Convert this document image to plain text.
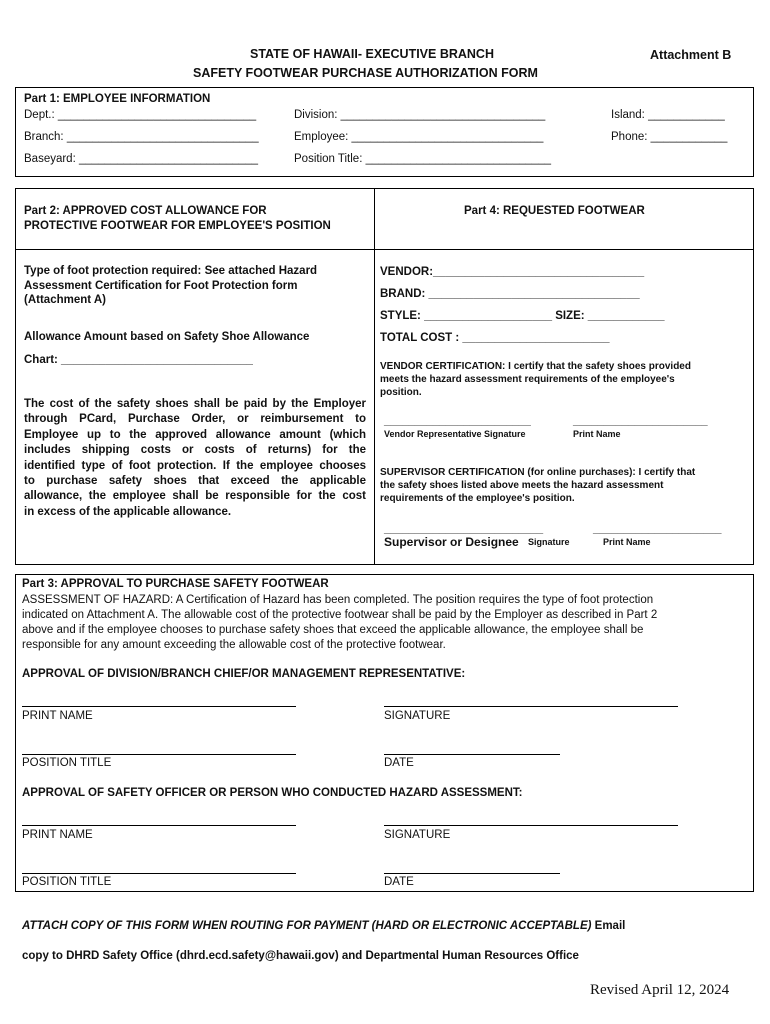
STATE OF HAWAII- EXECUTIVE BRANCH
SAFETY FOOTWEAR PURCHASE AUTHORIZATION FORM
Attachment B
Part 1: EMPLOYEE INFORMATION
Dept.: _______________________________	Division: ________________________________	Island: ____________
Branch: ______________________________	Employee: ______________________________	Phone: ____________
Baseyard: ____________________________	Position Title: _____________________________
Part 2: APPROVED COST ALLOWANCE FOR
PROTECTIVE FOOTWEAR FOR EMPLOYEE'S POSITION
Part 4: REQUESTED FOOTWEAR
Type of foot protection required: See attached Hazard
Assessment Certification for Foot Protection form
(Attachment A)
Allowance Amount based on Safety Shoe Allowance
Chart: ______________________________
The cost of the safety shoes shall be paid by the Employer
through PCard, Purchase Order, or reimbursement to
Employee up to the approved allowance amount (which
includes shipping costs or costs of returns) for the
identified type of foot protection. If the employee chooses
to purchase safety shoes that exceed the applicable
allowance, the employee shall be responsible for the cost
in excess of the applicable allowance.
VENDOR:_________________________________
BRAND: _________________________________
STYLE: ____________________ SIZE: ____________
TOTAL COST : _______________________
VENDOR CERTIFICATION: I certify that the safety shoes provided
meets the hazard assessment requirements of the employee's
position.
________________________	______________________
Vendor Representative Signature	Print Name
SUPERVISOR CERTIFICATION (for online purchases): I certify that
the safety shoes listed above meets the hazard assessment
requirements of the employee's position.
__________________________	_____________________
Supervisor or Designee Signature	Print Name
Part 3: APPROVAL TO PURCHASE SAFETY FOOTWEAR
ASSESSMENT OF HAZARD: A Certification of Hazard has been completed. The position requires the type of foot protection
indicated on Attachment A. The allowable cost of the protective footwear shall be paid by the Employer as described in Part 2
above and if the employee chooses to purchase safety shoes that exceed the applicable allowance, the employee shall be
responsible for any amount exceeding the allowable cost of the protective footwear.
APPROVAL OF DIVISION/BRANCH CHIEF/OR MANAGEMENT REPRESENTATIVE:
PRINT NAME	SIGNATURE
POSITION TITLE	DATE
APPROVAL OF SAFETY OFFICER OR PERSON WHO CONDUCTED HAZARD ASSESSMENT:
PRINT NAME	SIGNATURE
POSITION TITLE	DATE
ATTACH COPY OF THIS FORM WHEN ROUTING FOR PAYMENT (HARD OR ELECTRONIC ACCEPTABLE) Email
copy to DHRD Safety Office (dhrd.ecd.safety@hawaii.gov) and Departmental Human Resources Office
Revised April 12, 2024
